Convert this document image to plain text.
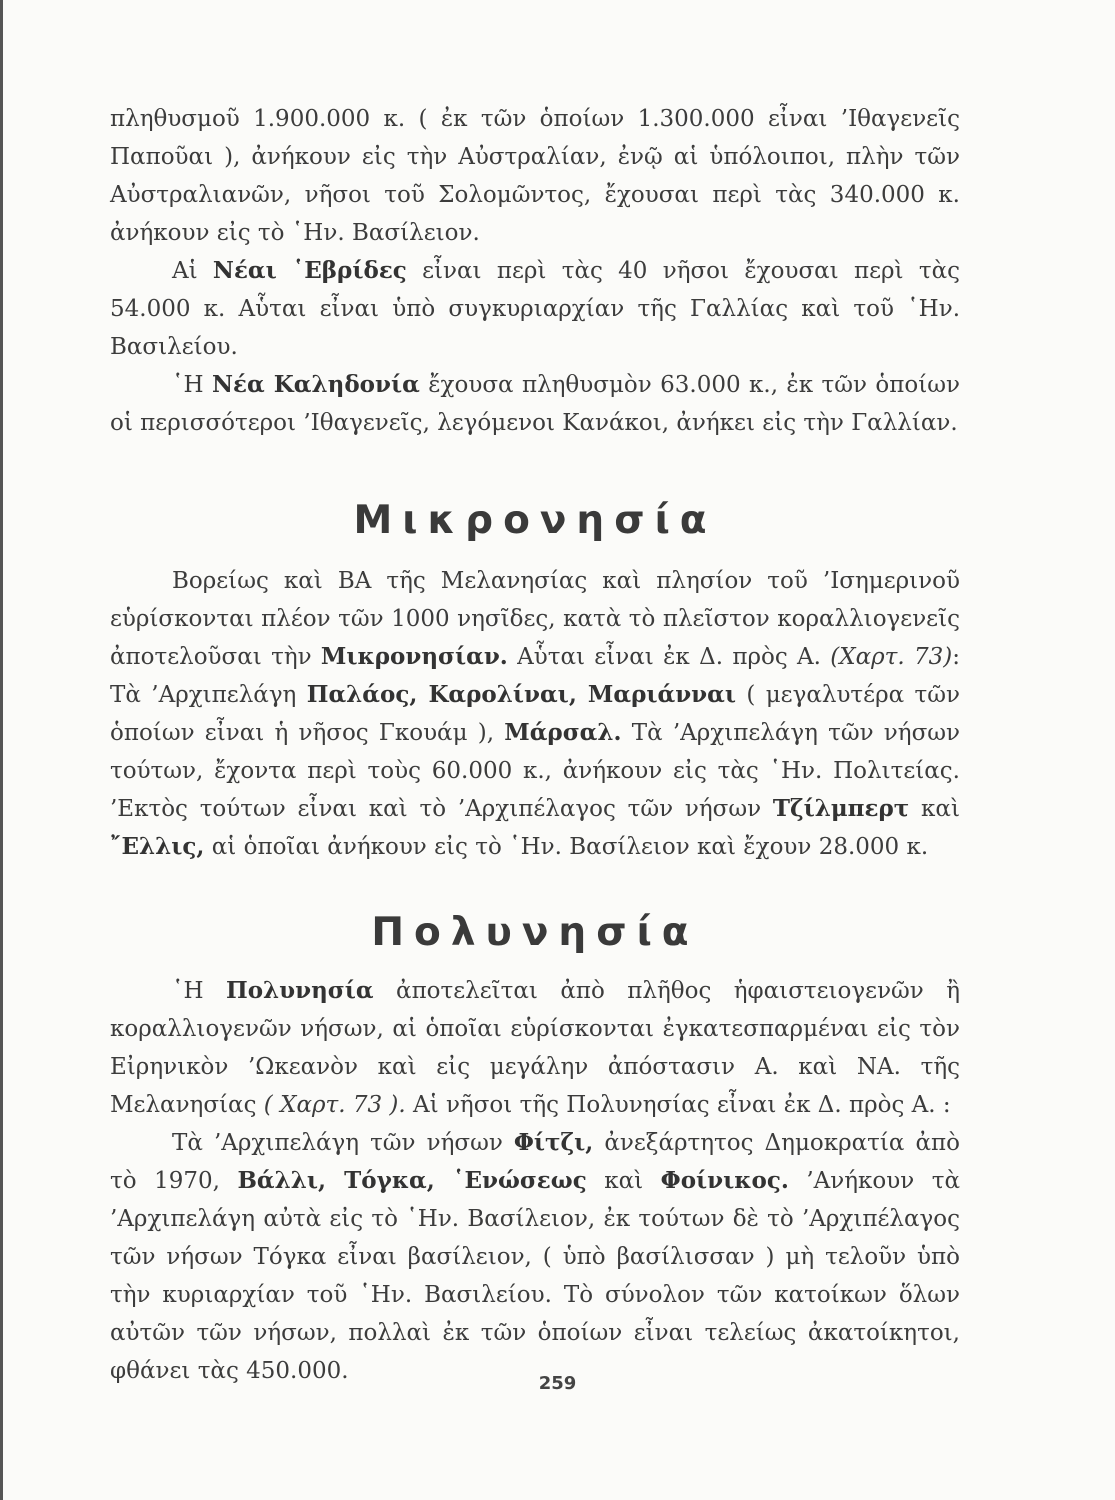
πληθυσμοῦ 1.900.000 κ. ( ἐκ τῶν ὁποίων 1.300.000 εἶναι ’Ιθαγενεῖς Παποῦαι ), ἀνήκουν εἰς τὴν Αὐστραλίαν, ἐνῷ αἱ ὑπόλοιποι, πλὴν τῶν Αὐστραλιανῶν, νῆσοι τοῦ Σολομῶντος, ἔχουσαι περὶ τὰς 340.000 κ. ἀνήκουν εἰς τὸ ῾Ην. Βασίλειον.

Αἱ Νέαι ῾Εβρίδες εἶναι περὶ τὰς 40 νῆσοι ἔχουσαι περὶ τὰς 54.000 κ. Αὗται εἶναι ὑπὸ συγκυριαρχίαν τῆς Γαλλίας καὶ τοῦ ῾Ην. Βασιλείου.

῾Η Νέα Καληδονία ἔχουσα πληθυσμὸν 63.000 κ., ἐκ τῶν ὁποίων οἱ περισσότεροι ’Ιθαγενεῖς, λεγόμενοι Κανάκοι, ἀνήκει εἰς τὴν Γαλλίαν.

Μικρονησία

Βορείως καὶ ΒΑ τῆς Μελανησίας καὶ πλησίον τοῦ ’Ισημερινοῦ εὑρίσκονται πλέον τῶν 1000 νησῖδες, κατὰ τὸ πλεῖστον κοραλλιογενεῖς ἀποτελοῦσαι τὴν Μικρονησίαν. Αὗται εἶναι ἐκ Δ. πρὸς Α. (Χαρτ. 73): Τὰ ’Αρχιπελάγη Παλάος, Καρολίναι, Μαριάνναι ( μεγαλυτέρα τῶν ὁποίων εἶναι ἡ νῆσος Γκουάμ ), Μάρσαλ. Τὰ ’Αρχιπελάγη τῶν νήσων τούτων, ἔχοντα περὶ τοὺς 60.000 κ., ἀνήκουν εἰς τὰς ῾Ην. Πολιτείας. ’Εκτὸς τούτων εἶναι καὶ τὸ ’Αρχιπέλαγος τῶν νήσων Τζίλμπερτ καὶ ῎Ελλις, αἱ ὁποῖαι ἀνήκουν εἰς τὸ ῾Ην. Βασίλειον καὶ ἔχουν 28.000 κ.

Πολυνησία

῾Η Πολυνησία ἀποτελεῖται ἀπὸ πλῆθος ἡφαιστειογενῶν ἢ κοραλλιογενῶν νήσων, αἱ ὁποῖαι εὑρίσκονται ἐγκατεσπαρμέναι εἰς τὸν Εἰρηνικὸν ’Ωκεανὸν καὶ εἰς μεγάλην ἀπόστασιν Α. καὶ ΝΑ. τῆς Μελανησίας ( Χαρτ. 73 ). Αἱ νῆσοι τῆς Πολυνησίας εἶναι ἐκ Δ. πρὸς Α. :

Τὰ ’Αρχιπελάγη τῶν νήσων Φίτζι, ἀνεξάρτητος Δημοκρατία ἀπὸ τὸ 1970, Βάλλι, Τόγκα, ῾Ενώσεως καὶ Φοίνικος. ’Ανήκουν τὰ ’Αρχιπελάγη αὐτὰ εἰς τὸ ῾Ην. Βασίλειον, ἐκ τούτων δὲ τὸ ’Αρχιπέλαγος τῶν νήσων Τόγκα εἶναι βασίλειον, ( ὑπὸ βασίλισσαν ) μὴ τελοῦν ὑπὸ τὴν κυριαρχίαν τοῦ ῾Ην. Βασιλείου. Τὸ σύνολον τῶν κατοίκων ὅλων αὐτῶν τῶν νήσων, πολλαὶ ἐκ τῶν ὁποίων εἶναι τελείως ἀκατοίκητοι, φθάνει τὰς 450.000.	259
